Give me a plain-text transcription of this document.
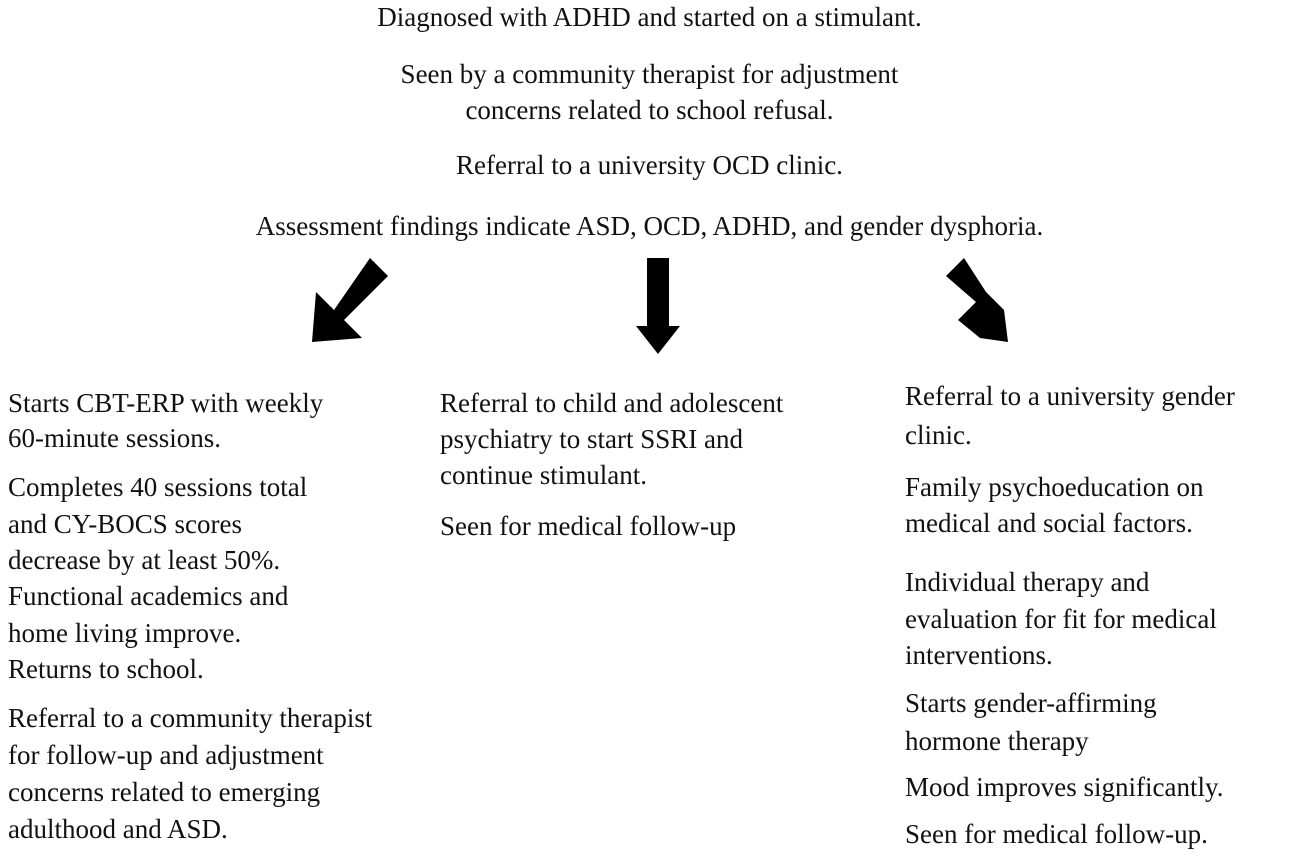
Diagnosed with ADHD and started on a stimulant.
Seen by a community therapist for adjustment
concerns related to school refusal.
Referral to a university OCD clinic.
Assessment findings indicate ASD, OCD, ADHD, and gender dysphoria.
Starts CBT-ERP with weekly
60-minute sessions.
Completes 40 sessions total
and CY-BOCS scores
decrease by at least 50%.
Functional academics and
home living improve.
Returns to school.
Referral to a community therapist
for follow-up and adjustment
concerns related to emerging
adulthood and ASD.
Referral to child and adolescent
psychiatry to start SSRI and
continue stimulant.
Seen for medical follow-up
Referral to a university gender
clinic.
Family psychoeducation on
medical and social factors.
Individual therapy and
evaluation for fit for medical
interventions.
Starts gender-affirming
hormone therapy
Mood improves significantly.
Seen for medical follow-up.
